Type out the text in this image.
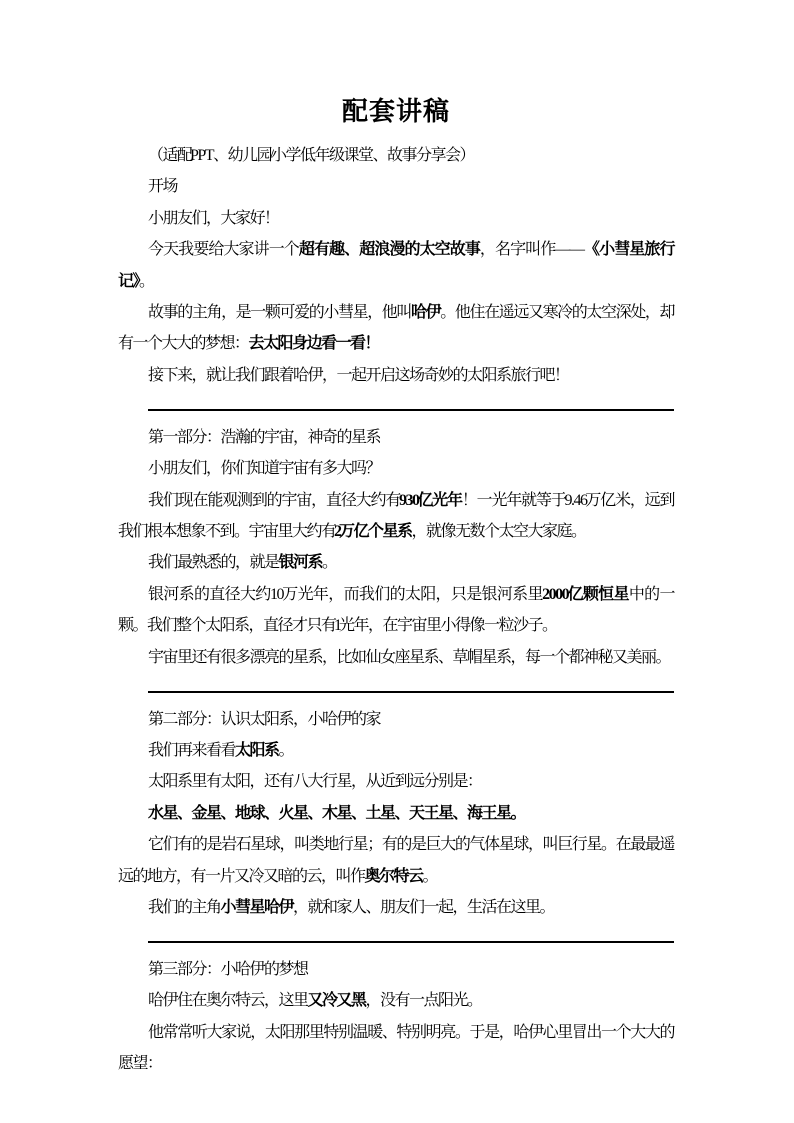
配套讲稿

（适配 PPT、幼儿园 / 小学低年级课堂、故事分享会）

开场

小朋友们，大家好！

今天我要给大家讲一个超有趣、超浪漫的太空故事，名字叫作 ——《小彗星旅行记》。

故事的主角，是一颗可爱的小彗星，他叫哈伊。他住在遥远又寒冷的太空深处，却有一个大大的梦想：去太阳身边看一看！

接下来，就让我们跟着哈伊，一起开启这场奇妙的太阳系旅行吧！

第一部分：浩瀚的宇宙，神奇的星系

小朋友们，你们知道宇宙有多大吗？

我们现在能观测到的宇宙，直径大约有 930 亿光年！一光年就等于 9.46 万亿米，远到我们根本想象不到。宇宙里大约有 2 万亿个星系，就像无数个太空大家庭。

我们最熟悉的，就是银河系。

银河系的直径大约 10 万光年，而我们的太阳，只是银河系里 2000 亿颗恒星中的一颗。我们整个太阳系，直径才只有 1 光年，在宇宙里小得像一粒沙子。

宇宙里还有很多漂亮的星系，比如仙女座星系、草帽星系，每一个都神秘又美丽。

第二部分：认识太阳系，小哈伊的家

我们再来看看太阳系。

太阳系里有太阳，还有八大行星，从近到远分别是：

水星、金星、地球、火星、木星、土星、天王星、海王星。

它们有的是岩石星球，叫类地行星；有的是巨大的气体星球，叫巨行星。在最最遥远的地方，有一片又冷又暗的云，叫作奥尔特云。

我们的主角小彗星哈伊，就和家人、朋友们一起，生活在这里。

第三部分：小哈伊的梦想

哈伊住在奥尔特云，这里又冷又黑，没有一点阳光。

他常常听大家说，太阳那里特别温暖、特别明亮。于是，哈伊心里冒出一个大大的愿望：
